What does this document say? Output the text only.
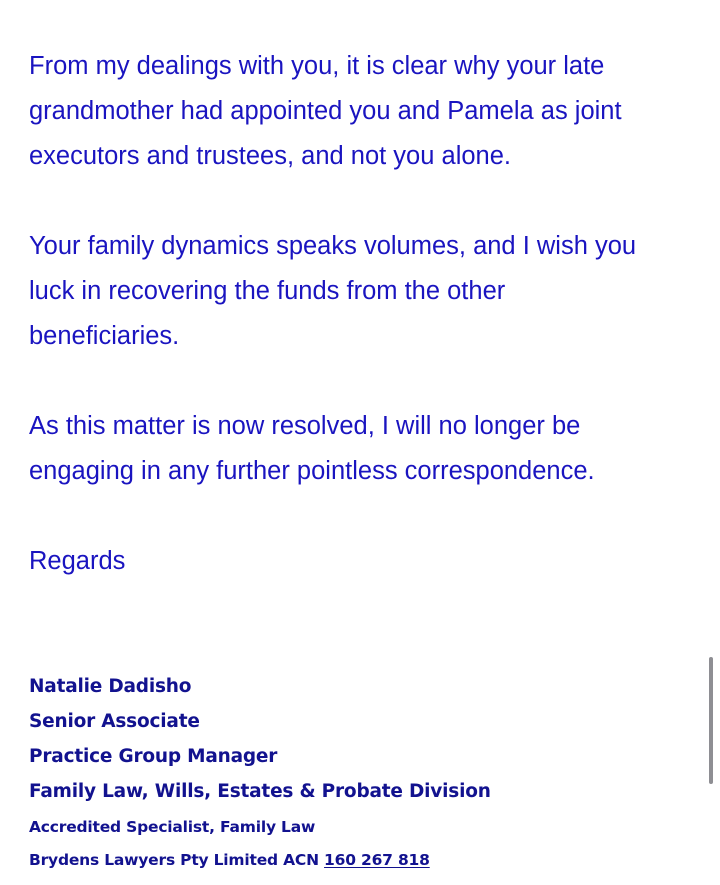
From my dealings with you, it is clear why your late
grandmother had appointed you and Pamela as joint
executors and trustees, and not you alone.

Your family dynamics speaks volumes, and I wish you
luck in recovering the funds from the other
beneficiaries.

As this matter is now resolved, I will no longer be
engaging in any further pointless correspondence.

Regards

Natalie Dadisho
Senior Associate
Practice Group Manager
Family Law, Wills, Estates & Probate Division
Accredited Specialist, Family Law
Brydens Lawyers Pty Limited ACN 160 267 818
